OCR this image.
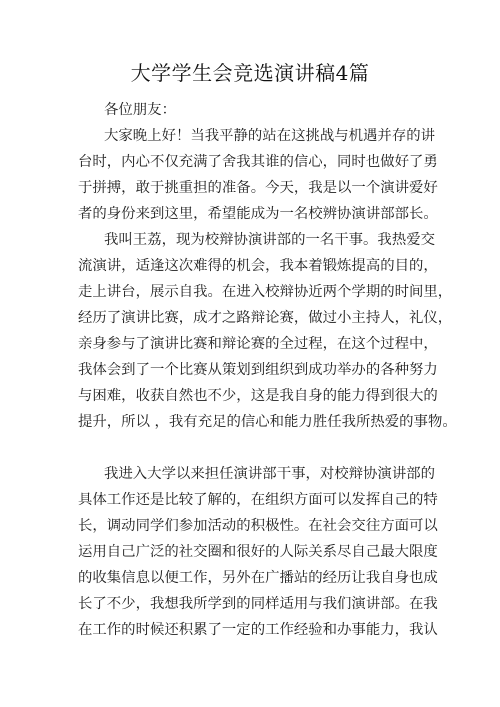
大学学生会竞选演讲稿4篇
各位朋友：
大家晚上好！当我平静的站在这挑战与机遇并存的讲
台时，内心不仅充满了舍我其谁的信心，同时也做好了勇
于拼搏，敢于挑重担的准备。今天，我是以一个演讲爱好
者的身份来到这里，希望能成为一名校辨协演讲部部长。
我叫王荔，现为校辩协演讲部的一名干事。我热爱交
流演讲，适逢这次难得的机会，我本着锻炼提高的目的，
走上讲台，展示自我。在进入校辩协近两个学期的时间里，
经历了演讲比赛，成才之路辩论赛，做过小主持人，礼仪，
亲身参与了演讲比赛和辩论赛的全过程，在这个过程中，
我体会到了一个比赛从策划到组织到成功举办的各种努力
与困难，收获自然也不少，这是我自身的能力得到很大的
提升，所以 ，我有充足的信心和能力胜任我所热爱的事物。
我进入大学以来担任演讲部干事，对校辩协演讲部的
具体工作还是比较了解的，在组织方面可以发挥自己的特
长，调动同学们参加活动的积极性。在社会交往方面可以
运用自己广泛的社交圈和很好的人际关系尽自己最大限度
的收集信息以便工作，另外在广播站的经历让我自身也成
长了不少，我想我所学到的同样适用与我们演讲部。在我
在工作的时候还积累了一定的工作经验和办事能力，我认
